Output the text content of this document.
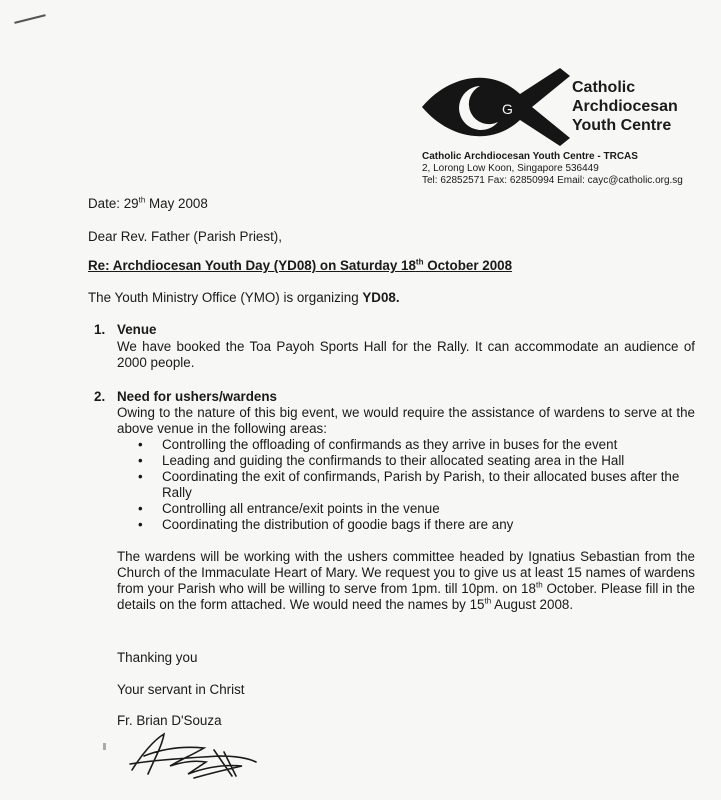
G
Catholic
Archdiocesan
Youth Centre
Catholic Archdiocesan Youth Centre - TRCAS
2, Lorong Low Koon, Singapore 536449
Tel: 62852571 Fax: 62850994 Email: cayc@catholic.org.sg
Date: 29th May 2008
Dear Rev. Father (Parish Priest),
Re: Archdiocesan Youth Day (YD08) on Saturday 18th October 2008
The Youth Ministry Office (YMO) is organizing YD08.
1. Venue
We have booked the Toa Payoh Sports Hall for the Rally. It can accommodate an audience of 2000 people.
2. Need for ushers/wardens
Owing to the nature of this big event, we would require the assistance of wardens to serve at the above venue in the following areas:
• Controlling the offloading of confirmands as they arrive in buses for the event
• Leading and guiding the confirmands to their allocated seating area in the Hall
• Coordinating the exit of confirmands, Parish by Parish, to their allocated buses after the Rally
• Controlling all entrance/exit points in the venue
• Coordinating the distribution of goodie bags if there are any
The wardens will be working with the ushers committee headed by Ignatius Sebastian from the Church of the Immaculate Heart of Mary. We request you to give us at least 15 names of wardens from your Parish who will be willing to serve from 1pm. till 10pm. on 18th October. Please fill in the details on the form attached. We would need the names by 15th August 2008.
Thanking you
Your servant in Christ
Fr. Brian D'Souza
